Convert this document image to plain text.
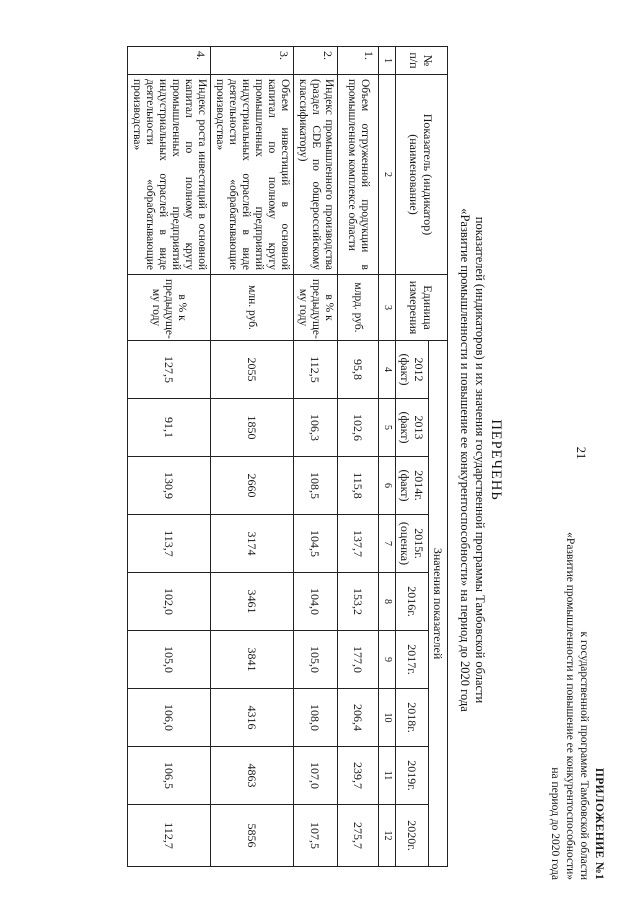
21
ПРИЛОЖЕНИЕ №1
к государственной программе Тамбовской области
«Развитие промышленности и повышение ее конкурентоспособности»
на период до 2020 года
ПЕРЕЧЕНЬ
показателей (индикаторов) и их значения государственной программы Тамбовской области
«Развитие промышленности и повышение ее конкурентоспособности» на период до 2020 года
№ п/п	Показатель (индикатор) (наименование)	Единица измерения	Значения показателей								
			2012 (факт)	2013 (факт)	2014г. (факт)	2015г. (оценка)	2016г.	2017г.	2018г.	2019г.	2020г.
1	2	3	4	5	6	7	8	9	10	11	12
1.	Объем отгруженной продукции в промышленном комплексе области	млрд. руб.	95,8	102,6	115,8	137,7	153,2	177,0	206,4	239,7	275,7
2.	Индекс промышленного производства (раздел CDE по общероссийскому классификатору)	в % к предыдуще-му году	112,5	106,3	108,5	104,5	104,0	105,0	108,0	107,0	107,5
3.	Объем инвестиций в основной капитал по полному кругу промышленных предприятий индустриальных отраслей в виде деятельности «обрабатывающие производства»	млн. руб.	2055	1850	2660	3174	3461	3841	4316	4863	5856
4.	Индекс роста инвестиций в основной капитал по полному кругу промышленных предприятий индустриальных отраслей в виде деятельности «обрабатывающие производства»	в % к предыдуще-му году	127,5	91,1	130,9	113,7	102,0	105,0	106,0	106,5	112,7
